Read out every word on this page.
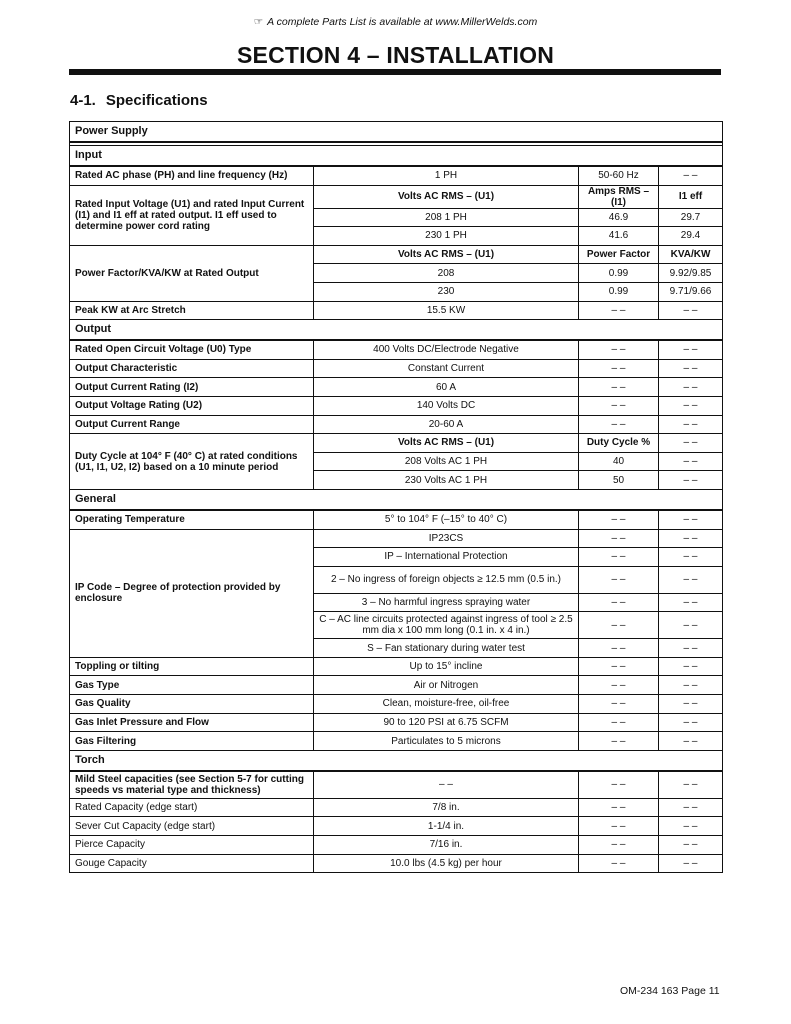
☞ A complete Parts List is available at www.MillerWelds.com
SECTION 4 – INSTALLATION
4-1. Specifications
Power Supply			

Input			
Rated AC phase (PH) and line frequency (Hz)	1 PH	50-60 Hz	– –
Rated Input Voltage (U1) and rated Input Current (I1) and I1 eff at rated output. I1 eff used to determine power cord rating	Volts AC RMS – (U1)	Amps RMS – (I1)	I1 eff
	208 1 PH	46.9	29.7
	230 1 PH	41.6	29.4
Power Factor/KVA/KW at Rated Output	Volts AC RMS – (U1)	Power Factor	KVA/KW
	208	0.99	9.92/9.85
	230	0.99	9.71/9.66
Peak KW at Arc Stretch	15.5 KW	– –	– –
Output			
Rated Open Circuit Voltage (U0) Type	400 Volts DC/Electrode Negative	– –	– –
Output Characteristic	Constant Current	– –	– –
Output Current Rating (I2)	60 A	– –	– –
Output Voltage Rating (U2)	140 Volts DC	– –	– –
Output Current Range	20-60 A	– –	– –
Duty Cycle at 104° F (40° C) at rated conditions (U1, I1, U2, I2) based on a 10 minute period	Volts AC RMS – (U1)	Duty Cycle %	– –
	208 Volts AC 1 PH	40	– –
	230 Volts AC 1 PH	50	– –
General			
Operating Temperature	5° to 104° F (–15° to 40° C)	– –	– –
IP Code – Degree of protection provided by enclosure	IP23CS	– –	– –
	IP – International Protection	– –	– –
	2 – No ingress of foreign objects ≥ 12.5 mm (0.5 in.)	– –	– –
	3 – No harmful ingress spraying water	– –	– –
	C – AC line circuits protected against ingress of tool ≥ 2.5 mm dia x 100 mm long (0.1 in. x 4 in.)	– –	– –
	S – Fan stationary during water test	– –	– –
Toppling or tilting	Up to 15° incline	– –	– –
Gas Type	Air or Nitrogen	– –	– –
Gas Quality	Clean, moisture-free, oil-free	– –	– –
Gas Inlet Pressure and Flow	90 to 120 PSI at 6.75 SCFM	– –	– –
Gas Filtering	Particulates to 5 microns	– –	– –
Torch			
Mild Steel capacities (see Section 5-7 for cutting speeds vs material type and thickness)	– –	– –	– –
Rated Capacity (edge start)	7/8 in.	– –	– –
Sever Cut Capacity (edge start)	1-1/4 in.	– –	– –
Pierce Capacity	7/16 in.	– –	– –
Gouge Capacity	10.0 lbs (4.5 kg) per hour	– –	– –
OM-234 163 Page 11
